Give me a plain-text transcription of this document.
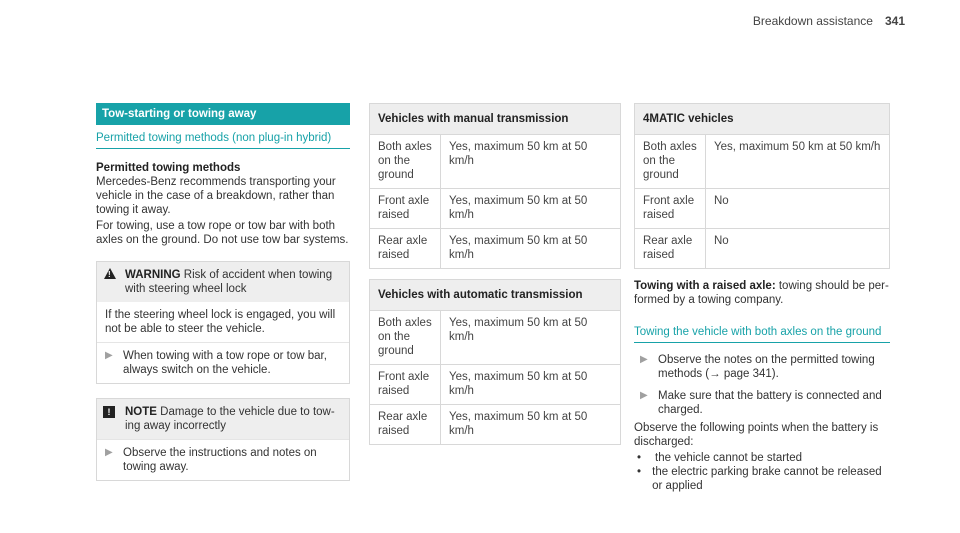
Breakdown assistance 341
Tow-starting or towing away
Permitted towing methods (non plug-in hybrid)
Permitted towing methods
Mercedes-Benz recommends transporting your vehicle in the case of a breakdown, rather than towing it away.
For towing, use a tow rope or tow bar with both axles on the ground. Do not use tow bar systems.
! WARNING Risk of accident when towing with steering wheel lock
If the steering wheel lock is engaged, you will not be able to steer the vehicle.
▶ When towing with a tow rope or tow bar, always switch on the vehicle.
!	NOTE Damage to the vehicle due to tow- ing away incorrectly
▶ Observe the instructions and notes on towing away.
Vehicles with manual transmission	
Both axles on the ground	Yes, maximum 50 km at 50 km/h
Front axle raised	Yes, maximum 50 km at 50 km/h
Rear axle raised	Yes, maximum 50 km at 50 km/h
Vehicles with automatic transmission	
Both axles on the ground	Yes, maximum 50 km at 50 km/h
Front axle raised	Yes, maximum 50 km at 50 km/h
Rear axle raised	Yes, maximum 50 km at 50 km/h
4MATIC vehicles	
Both axles on the ground	Yes, maximum 50 km at 50 km/h
Front axle raised	No
Rear axle raised	No
Towing with a raised axle: towing should be per- formed by a towing company.
Towing the vehicle with both axles on the ground
▶ Observe the notes on the permitted towing methods (→ page 341).
▶ Make sure that the battery is connected and charged.
Observe the following points when the battery is discharged:
•	the vehicle cannot be started
• the electric parking brake cannot be released or applied
